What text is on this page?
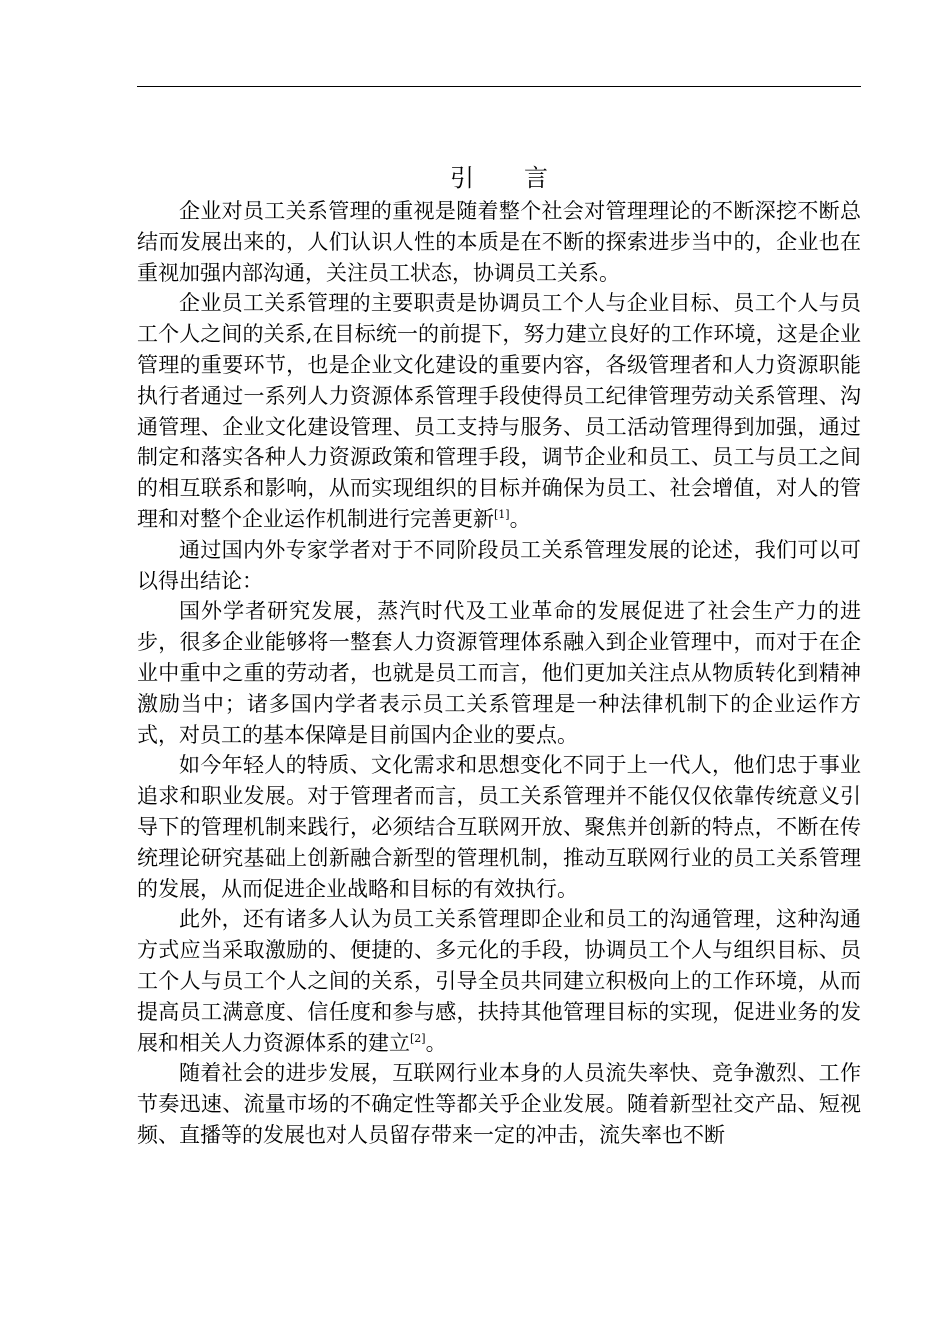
引言

企业对员工关系管理的重视是随着整个社会对管理理论的不断深挖不断总结而发展出来的，人们认识人性的本质是在不断的探索进步当中的，企业也在重视加强内部沟通，关注员工状态，协调员工关系。

企业员工关系管理的主要职责是协调员工个人与企业目标、员工个人与员工个人之间的关系,在目标统一的前提下，努力建立良好的工作环境，这是企业管理的重要环节，也是企业文化建设的重要内容，各级管理者和人力资源职能执行者通过一系列人力资源体系管理手段使得员工纪律管理劳动关系管理、沟通管理、企业文化建设管理、员工支持与服务、员工活动管理得到加强，通过制定和落实各种人力资源政策和管理手段，调节企业和员工、员工与员工之间的相互联系和影响，从而实现组织的目标并确保为员工、社会增值，对人的管理和对整个企业运作机制进行完善更新[1]。

通过国内外专家学者对于不同阶段员工关系管理发展的论述，我们可以可以得出结论：

国外学者研究发展，蒸汽时代及工业革命的发展促进了社会生产力的进步，很多企业能够将一整套人力资源管理体系融入到企业管理中，而对于在企业中重中之重的劳动者，也就是员工而言，他们更加关注点从物质转化到精神激励当中；诸多国内学者表示员工关系管理是一种法律机制下的企业运作方式，对员工的基本保障是目前国内企业的要点。

如今年轻人的特质、文化需求和思想变化不同于上一代人，他们忠于事业追求和职业发展。对于管理者而言，员工关系管理并不能仅仅依靠传统意义引导下的管理机制来践行，必须结合互联网开放、聚焦并创新的特点，不断在传统理论研究基础上创新融合新型的管理机制，推动互联网行业的员工关系管理的发展，从而促进企业战略和目标的有效执行。

此外，还有诸多人认为员工关系管理即企业和员工的沟通管理，这种沟通方式应当采取激励的、便捷的、多元化的手段，协调员工个人与组织目标、员工个人与员工个人之间的关系，引导全员共同建立积极向上的工作环境，从而提高员工满意度、信任度和参与感，扶持其他管理目标的实现，促进业务的发展和相关人力资源体系的建立[2]。

随着社会的进步发展，互联网行业本身的人员流失率快、竞争激烈、工作节奏迅速、流量市场的不确定性等都关乎企业发展。随着新型社交产品、短视频、直播等的发展也对人员留存带来一定的冲击，流失率也不断
